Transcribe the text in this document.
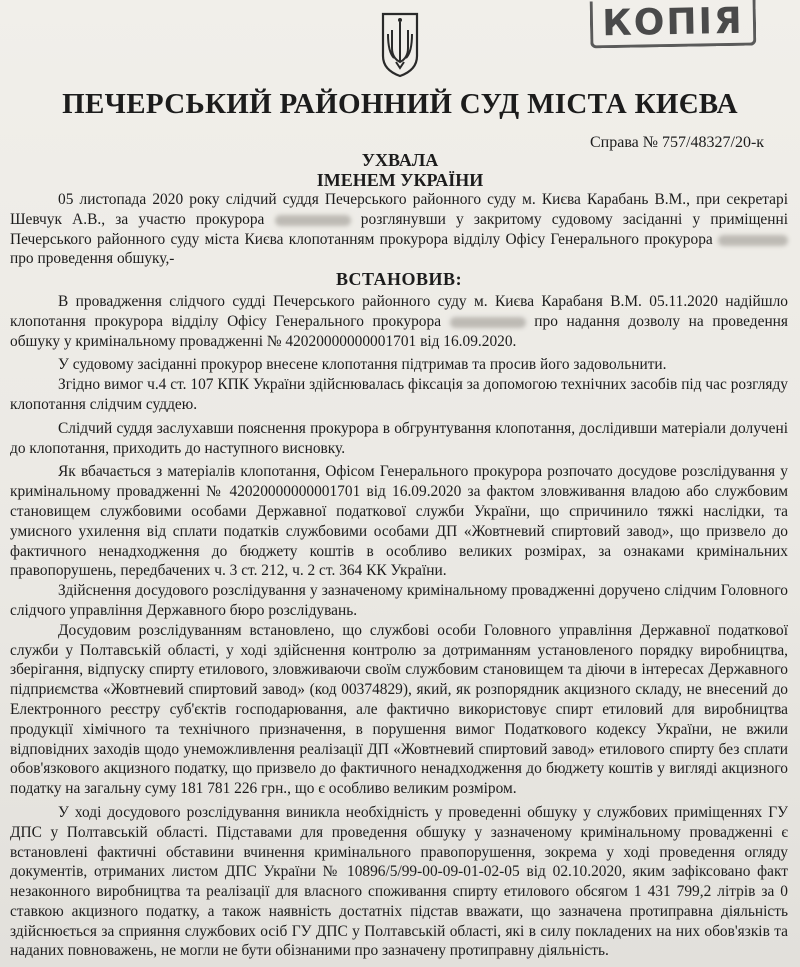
КОПІЯ
ПЕЧЕРСЬКИЙ РАЙОННИЙ СУД МІСТА КИЄВА
Справа № 757/48327/20-к
УХВАЛА
ІМЕНЕМ УКРАЇНИ

05 листопада 2020 року слідчий суддя Печерського районного суду м. Києва Карабань В.М., при секретарі Шевчук А.В., за участю прокурора	розглянувши у закритому судовому засіданні у приміщенні Печерського районного суду міста Києва клопотанням прокурора відділу Офісу Генерального прокурора  про проведення обшуку,-

ВСТАНОВИВ:

В провадження слідчого судді Печерського районного суду м. Києва Карабаня В.М. 05.11.2020 надійшло клопотання прокурора відділу Офісу Генерального прокурора	про надання дозволу на проведення обшуку у кримінальному провадженні № 42020000000001701 від 16.09.2020.

У судовому засіданні прокурор внесене клопотання підтримав та просив його задовольнити.

Згідно вимог ч.4 ст. 107 КПК України здійснювалась фіксація за допомогою технічних засобів під час розгляду клопотання слідчим суддею.

Слідчий суддя заслухавши пояснення прокурора в обгрунтування клопотання, дослідивши матеріали долучені до клопотання, приходить до наступного висновку.

Як вбачається з матеріалів клопотання, Офісом Генерального прокурора розпочато досудове розслідування у кримінальному провадженні № 42020000000001701 від 16.09.2020 за фактом зловживання владою або службовим становищем службовими особами Державної податкової служби України, що спричинило тяжкі наслідки, та умисного ухилення від сплати податків службовими особами ДП «Жовтневий спиртовий завод», що призвело до фактичного ненадходження до бюджету коштів в особливо великих розмірах, за ознаками кримінальних правопорушень, передбачених ч. 3 ст. 212, ч. 2 ст. 364 КК України.

Здійснення досудового розслідування у зазначеному кримінальному провадженні доручено слідчим Головного слідчого управління Державного бюро розслідувань.

Досудовим розслідуванням встановлено, що службові особи Головного управління Державної податкової служби у Полтавській області, у ході здійснення контролю за дотриманням установленого порядку виробництва, зберігання, відпуску спирту етилового, зловживаючи своїм службовим становищем та діючи в інтересах Державного підприємства «Жовтневий спиртовий завод» (код 00374829), який, як розпорядник акцизного складу, не внесений до Електронного реєстру суб'єктів господарювання, але фактично використовує спирт етиловий для виробництва продукції хімічного та технічного призначення, в порушення вимог Податкового кодексу України, не вжили відповідних заходів щодо унеможливлення реалізації ДП «Жовтневий спиртовий завод» етилового спирту без сплати обов'язкового акцизного податку, що призвело до фактичного ненадходження до бюджету коштів у вигляді акцизного податку на загальну суму 181 781 226 грн., що є особливо великим розміром.

У ході досудового розслідування виникла необхідність у проведенні обшуку у службових приміщеннях ГУ ДПС у Полтавській області. Підставами для проведення обшуку у зазначеному кримінальному провадженні є встановлені фактичні обставини вчинення кримінального правопорушення, зокрема у ході проведення огляду документів, отриманих листом ДПС України № 10896/5/99-00-09-01-02-05 від 02.10.2020, яким зафіксовано факт незаконного виробництва та реалізації для власного споживання спирту етилового обсягом 1 431 799,2 літрів за 0 ставкою акцизного податку, а також наявність достатніх підстав вважати, що зазначена протиправна діяльність здійснюється за сприяння службових осіб ГУ ДПС у Полтавській області, які в силу покладених на них обов'язків та наданих повноважень, не могли не бути обізнаними про зазначену протиправну діяльність.
